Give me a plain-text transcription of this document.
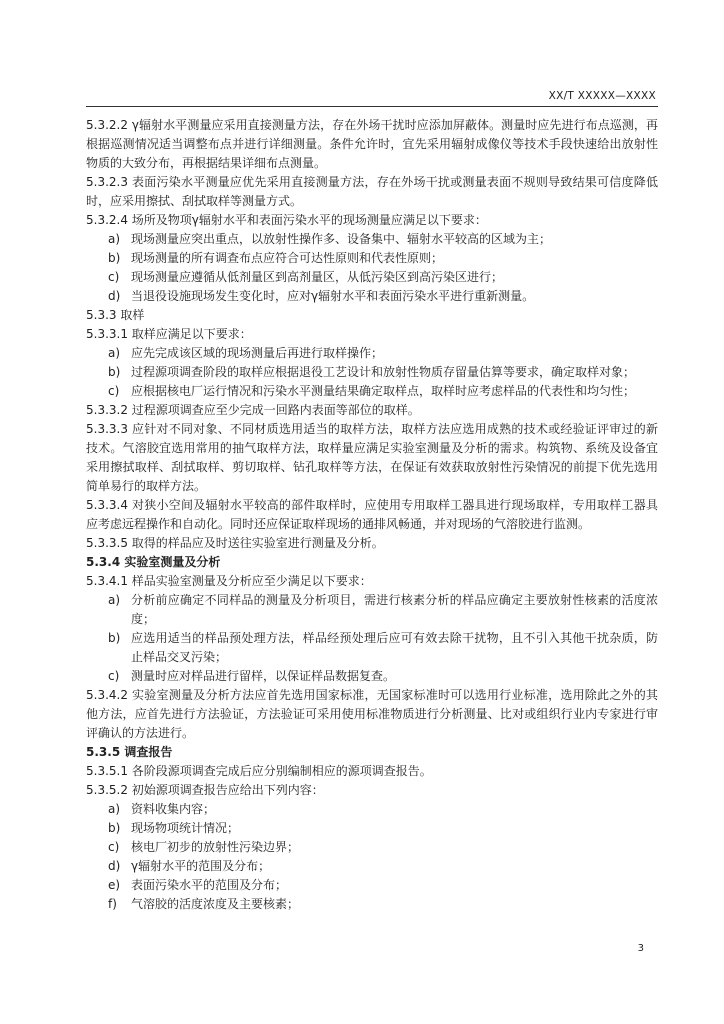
XX/T XXXXX—XXXX

5.3.2.2 γ辐射水平测量应采用直接测量方法，存在外场干扰时应添加屏蔽体。测量时应先进行布点巡测，再根据巡测情况适当调整布点并进行详细测量。条件允许时，宜先采用辐射成像仪等技术手段快速给出放射性物质的大致分布，再根据结果详细布点测量。

5.3.2.3 表面污染水平测量应优先采用直接测量方法，存在外场干扰或测量表面不规则导致结果可信度降低时，应采用擦拭、刮拭取样等测量方式。

5.3.2.4 场所及物项γ辐射水平和表面污染水平的现场测量应满足以下要求：

a) 现场测量应突出重点，以放射性操作多、设备集中、辐射水平较高的区域为主；
b) 现场测量的所有调查布点应符合可达性原则和代表性原则；
c) 现场测量应遵循从低剂量区到高剂量区，从低污染区到高污染区进行；
d) 当退役设施现场发生变化时，应对γ辐射水平和表面污染水平进行重新测量。

5.3.3 取样

5.3.3.1 取样应满足以下要求：

a) 应先完成该区域的现场测量后再进行取样操作；
b) 过程源项调查阶段的取样应根据退役工艺设计和放射性物质存留量估算等要求，确定取样对象；
c) 应根据核电厂运行情况和污染水平测量结果确定取样点，取样时应考虑样品的代表性和均匀性；

5.3.3.2 过程源项调查应至少完成一回路内表面等部位的取样。

5.3.3.3 应针对不同对象、不同材质选用适当的取样方法，取样方法应选用成熟的技术或经验证评审过的新技术。气溶胶宜选用常用的抽气取样方法，取样量应满足实验室测量及分析的需求。构筑物、系统及设备宜采用擦拭取样、刮拭取样、剪切取样、钻孔取样等方法，在保证有效获取放射性污染情况的前提下优先选用简单易行的取样方法。

5.3.3.4 对狭小空间及辐射水平较高的部件取样时，应使用专用取样工器具进行现场取样，专用取样工器具应考虑远程操作和自动化。同时还应保证取样现场的通排风畅通，并对现场的气溶胶进行监测。

5.3.3.5 取得的样品应及时送往实验室进行测量及分析。

5.3.4 实验室测量及分析

5.3.4.1 样品实验室测量及分析应至少满足以下要求：

a) 分析前应确定不同样品的测量及分析项目，需进行核素分析的样品应确定主要放射性核素的活度浓度；
b) 应选用适当的样品预处理方法，样品经预处理后应可有效去除干扰物，且不引入其他干扰杂质，防止样品交叉污染；
c) 测量时应对样品进行留样，以保证样品数据复查。

5.3.4.2 实验室测量及分析方法应首先选用国家标准，无国家标准时可以选用行业标准，选用除此之外的其他方法，应首先进行方法验证，方法验证可采用使用标准物质进行分析测量、比对或组织行业内专家进行审评确认的方法进行。

5.3.5 调查报告

5.3.5.1 各阶段源项调查完成后应分别编制相应的源项调查报告。

5.3.5.2 初始源项调查报告应给出下列内容：

a) 资料收集内容；
b) 现场物项统计情况；
c) 核电厂初步的放射性污染边界；
d) γ辐射水平的范围及分布；
e) 表面污染水平的范围及分布；
f)	气溶胶的活度浓度及主要核素；
3
